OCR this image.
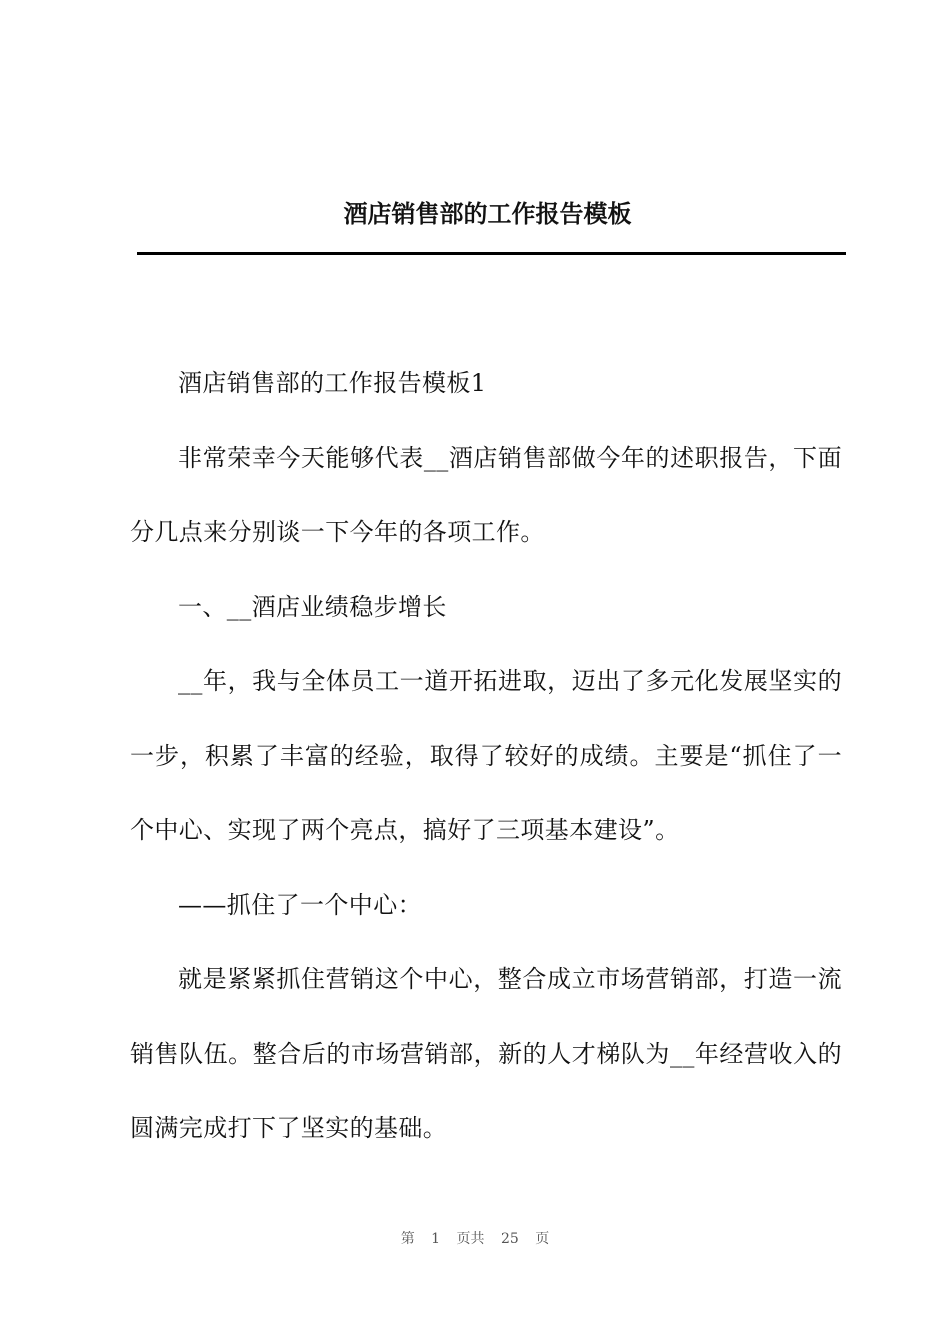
酒店销售部的工作报告模板

酒店销售部的工作报告模板1

非常荣幸今天能够代表__酒店销售部做今年的述职报告，下面分几点来分别谈一下今年的各项工作。

一、__酒店业绩稳步增长

__年，我与全体员工一道开拓进取，迈出了多元化发展坚实的一步，积累了丰富的经验，取得了较好的成绩。主要是“抓住了一个中心、实现了两个亮点，搞好了三项基本建设”。

——抓住了一个中心：

就是紧紧抓住营销这个中心，整合成立市场营销部，打造一流销售队伍。整合后的市场营销部，新的人才梯队为__年经营收入的圆满完成打下了坚实的基础。

第 1 页共 25 页
